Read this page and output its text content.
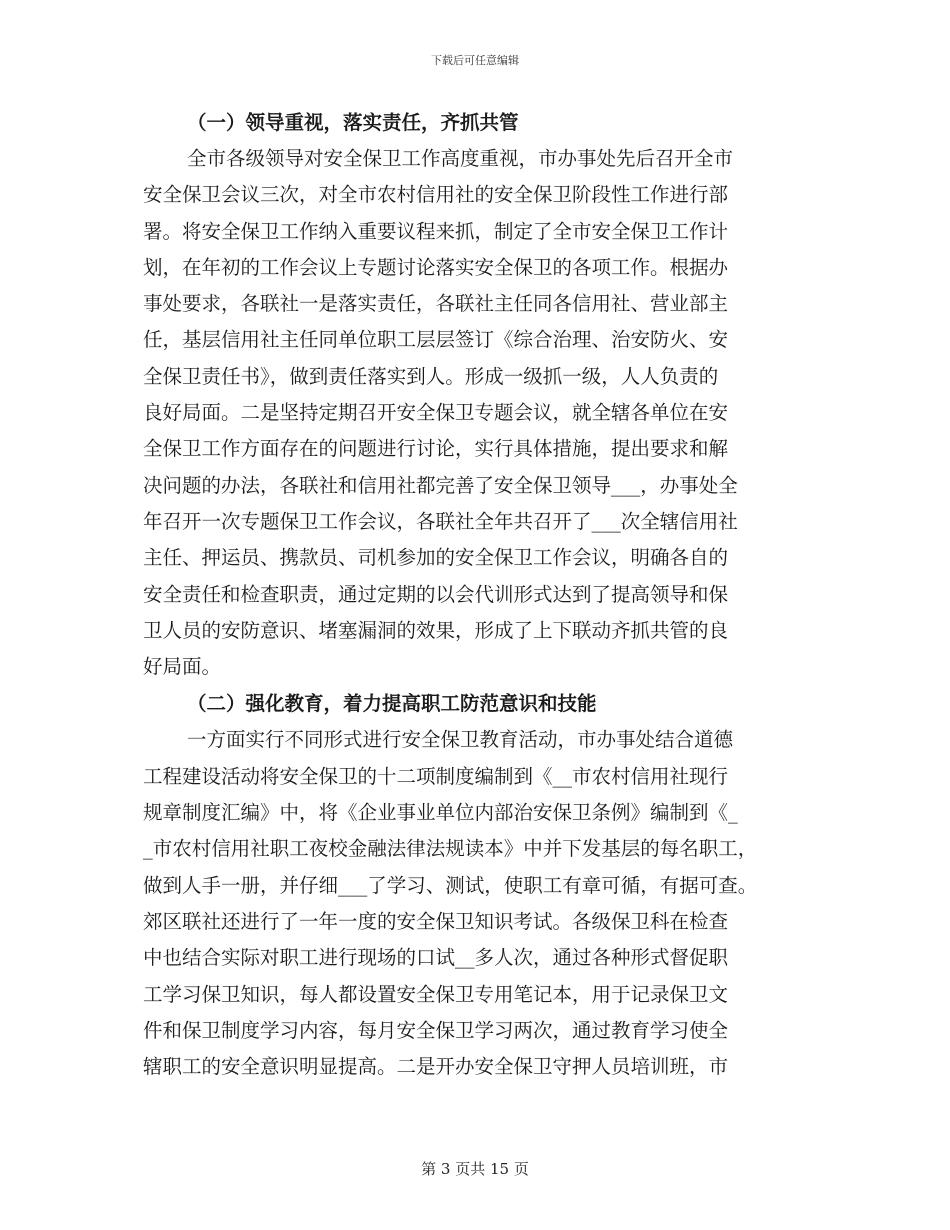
下载后可任意编辑

（一）领导重视，落实责任，齐抓共管

全市各级领导对安全保卫工作高度重视，市办事处先后召开全市

安全保卫会议三次，对全市农村信用社的安全保卫阶段性工作进行部

署。将安全保卫工作纳入重要议程来抓，制定了全市安全保卫工作计

划，在年初的工作会议上专题讨论落实安全保卫的各项工作。根据办

事处要求，各联社一是落实责任，各联社主任同各信用社、营业部主

任，基层信用社主任同单位职工层层签订《综合治理、治安防火、安

全保卫责任书》，做到责任落实到人。形成一级抓一级，人人负责的

良好局面。二是坚持定期召开安全保卫专题会议，就全辖各单位在安

全保卫工作方面存在的问题进行讨论，实行具体措施，提出要求和解

决问题的办法，各联社和信用社都完善了安全保卫领导___，办事处全

年召开一次专题保卫工作会议，各联社全年共召开了___次全辖信用社

主任、押运员、携款员、司机参加的安全保卫工作会议，明确各自的

安全责任和检查职责，通过定期的以会代训形式达到了提高领导和保

卫人员的安防意识、堵塞漏洞的效果，形成了上下联动齐抓共管的良

好局面。

（二）强化教育，着力提高职工防范意识和技能

一方面实行不同形式进行安全保卫教育活动，市办事处结合道德

工程建设活动将安全保卫的十二项制度编制到《__市农村信用社现行

规章制度汇编》中，将《企业事业单位内部治安保卫条例》编制到《_

_市农村信用社职工夜校金融法律法规读本》中并下发基层的每名职工，

做到人手一册，并仔细___了学习、测试，使职工有章可循，有据可查。

郊区联社还进行了一年一度的安全保卫知识考试。各级保卫科在检查

中也结合实际对职工进行现场的口试__多人次，通过各种形式督促职

工学习保卫知识，每人都设置安全保卫专用笔记本，用于记录保卫文

件和保卫制度学习内容，每月安全保卫学习两次，通过教育学习使全

辖职工的安全意识明显提高。二是开办安全保卫守押人员培训班，市

第 3 页共 15 页
